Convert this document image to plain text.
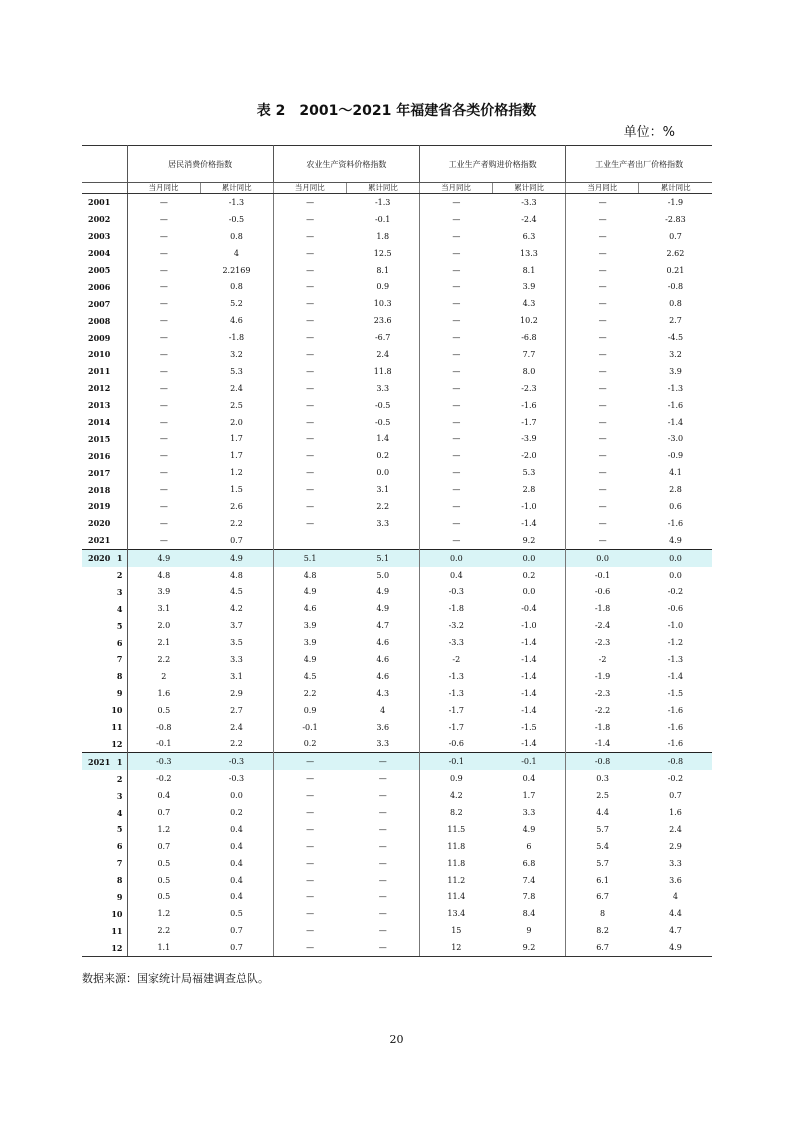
表 2　2001～2021 年福建省各类价格指数
单位：%
	居民消费价格指数		农业生产资料价格指数		工业生产者购进价格指数		工业生产者出厂价格指数	
	当月同比	累计同比	当月同比	累计同比	当月同比	累计同比	当月同比	累计同比
2001	—	-1.3	—	-1.3	—	-3.3	—	-1.9
2002	—	-0.5	—	-0.1	—	-2.4	—	-2.83
2003	—	0.8	—	1.8	—	6.3	—	0.7
2004	—	4	—	12.5	—	13.3	—	2.62
2005	—	2.2169	—	8.1	—	8.1	—	0.21
2006	—	0.8	—	0.9	—	3.9	—	-0.8
2007	—	5.2	—	10.3	—	4.3	—	0.8
2008	—	4.6	—	23.6	—	10.2	—	2.7
2009	—	-1.8	—	-6.7	—	-6.8	—	-4.5
2010	—	3.2	—	2.4	—	7.7	—	3.2
2011	—	5.3	—	11.8	—	8.0	—	3.9
2012	—	2.4	—	3.3	—	-2.3	—	-1.3
2013	—	2.5	—	-0.5	—	-1.6	—	-1.6
2014	—	2.0	—	-0.5	—	-1.7	—	-1.4
2015	—	1.7	—	1.4	—	-3.9	—	-3.0
2016	—	1.7	—	0.2	—	-2.0	—	-0.9
2017	—	1.2	—	0.0	—	5.3	—	4.1
2018	—	1.5	—	3.1	—	2.8	—	2.8
2019	—	2.6	—	2.2	—	-1.0	—	0.6
2020	—	2.2	—	3.3	—	-1.4	—	-1.6
2021	—	0.7			—	9.2	—	4.9
2020 1	4.9	4.9	5.1	5.1	0.0	0.0	0.0	0.0

2	4.8	4.8	4.8	5.0	0.4	0.2	-0.1	0.0

3	3.9	4.5	4.9	4.9	-0.3	0.0	-0.6	-0.2

4	3.1	4.2	4.6	4.9	-1.8	-0.4	-1.8	-0.6

5	2.0	3.7	3.9	4.7	-3.2	-1.0	-2.4	-1.0

6	2.1	3.5	3.9	4.6	-3.3	-1.4	-2.3	-1.2

7	2.2	3.3	4.9	4.6	-2	-1.4	-2	-1.3

8	2	3.1	4.5	4.6	-1.3	-1.4	-1.9	-1.4

9	1.6	2.9	2.2	4.3	-1.3	-1.4	-2.3	-1.5

10	0.5	2.7	0.9	4	-1.7	-1.4	-2.2	-1.6

11	-0.8	2.4	-0.1	3.6	-1.7	-1.5	-1.8	-1.6

12	-0.1	2.2	0.2	3.3	-0.6	-1.4	-1.4	-1.6
2021 1	-0.3	-0.3	—	—	-0.1	-0.1	-0.8	-0.8

2	-0.2	-0.3	—	—	0.9	0.4	0.3	-0.2

3	0.4	0.0	—	—	4.2	1.7	2.5	0.7

4	0.7	0.2	—	—	8.2	3.3	4.4	1.6

5	1.2	0.4	—	—	11.5	4.9	5.7	2.4

6	0.7	0.4	—	—	11.8	6	5.4	2.9

7	0.5	0.4	—	—	11.8	6.8	5.7	3.3

8	0.5	0.4	—	—	11.2	7.4	6.1	3.6

9	0.5	0.4	—	—	11.4	7.8	6.7	4

10	1.2	0.5	—	—	13.4	8.4	8	4.4

11	2.2	0.7	—	—	15	9	8.2	4.7

12	1.1	0.7	—	—	12	9.2	6.7	4.9
数据来源：国家统计局福建调查总队。
20
